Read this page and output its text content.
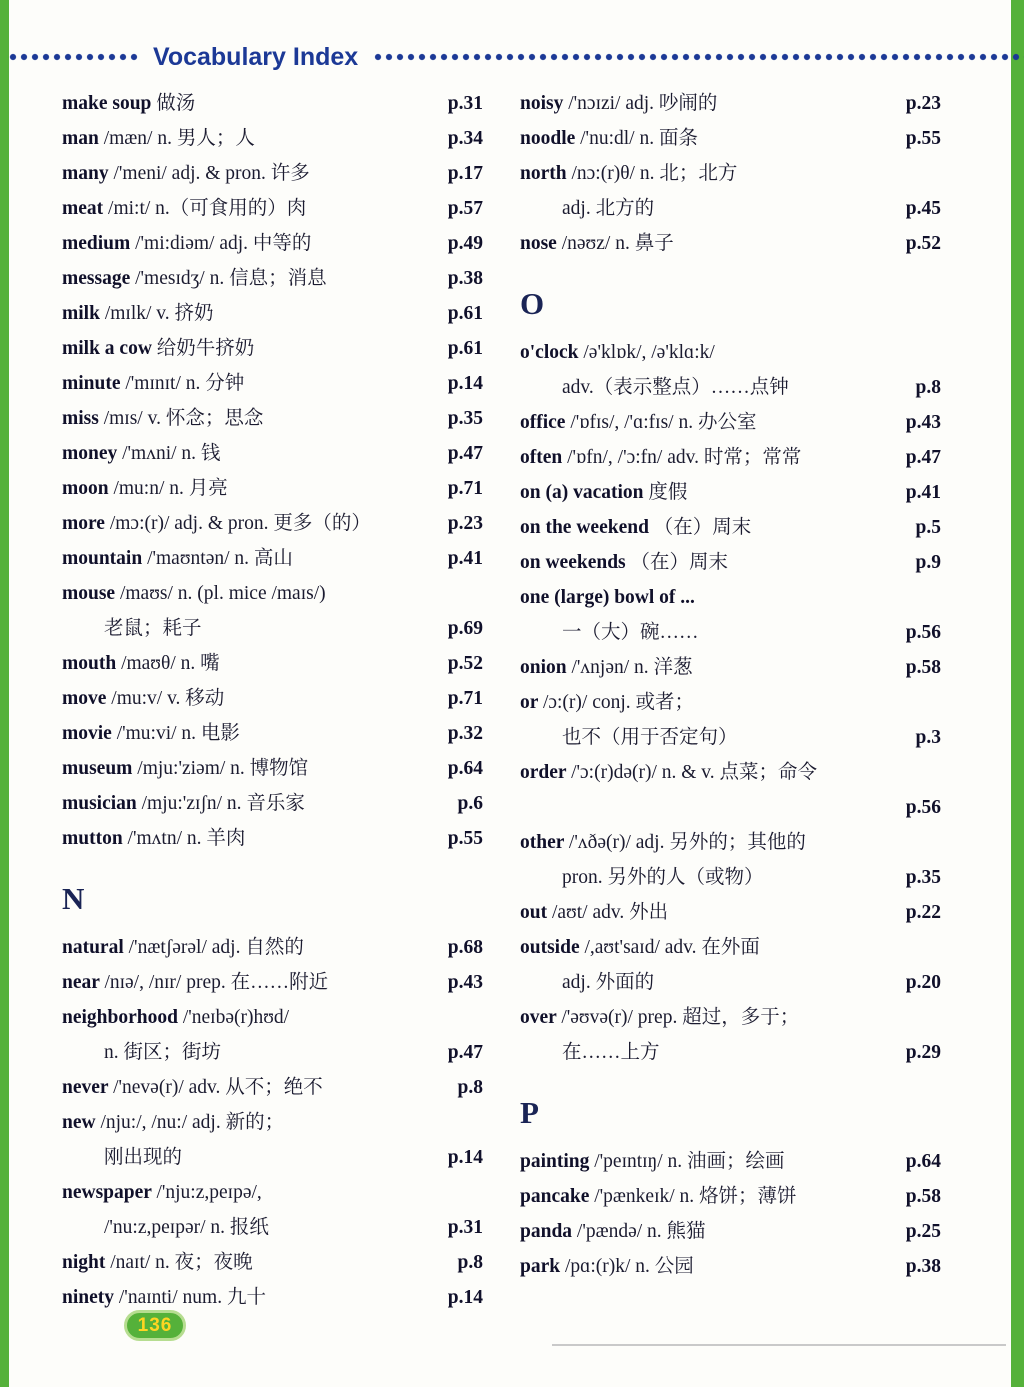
Vocabulary Index
make soup 做汤	p.31
man /mæn/ n. 男人；人	p.34
many /'meni/ adj. & pron. 许多	p.17
meat /mi:t/ n.（可食用的）肉	p.57
medium /'mi:diəm/ adj. 中等的	p.49
message /'mesɪdʒ/ n. 信息；消息	p.38
milk /mɪlk/ v. 挤奶	p.61
milk a cow 给奶牛挤奶	p.61
minute /'mɪnɪt/ n. 分钟	p.14
miss /mɪs/ v. 怀念；思念	p.35
money /'mʌni/ n. 钱	p.47
moon /mu:n/ n. 月亮	p.71
more /mɔ:(r)/ adj. & pron. 更多（的）	p.23
mountain /'maʊntən/ n. 高山	p.41
mouse /maʊs/ n. (pl. mice /maɪs/)
老鼠；耗子	p.69
mouth /maʊθ/ n. 嘴	p.52
move /mu:v/ v. 移动	p.71
movie /'mu:vi/ n. 电影	p.32
museum /mju:'ziəm/ n. 博物馆	p.64
musician /mju:'zɪʃn/ n. 音乐家	p.6
mutton /'mʌtn/ n. 羊肉	p.55
N
natural /'nætʃərəl/ adj. 自然的	p.68
near /nɪə/, /nɪr/ prep. 在……附近	p.43
neighborhood /'neɪbə(r)hʊd/
n. 街区；街坊	p.47
never /'nevə(r)/ adv. 从不；绝不	p.8
new /nju:/, /nu:/ adj. 新的；
刚出现的	p.14
newspaper /'nju:z,peɪpə/,
/'nu:z,peɪpər/ n. 报纸	p.31
night /naɪt/ n. 夜；夜晚	p.8
ninety /'naɪnti/ num. 九十	p.14
noisy /'nɔɪzi/ adj. 吵闹的	p.23
noodle /'nu:dl/ n. 面条	p.55
north /nɔ:(r)θ/ n. 北；北方
adj. 北方的	p.45
nose /nəʊz/ n. 鼻子	p.52
O
o'clock /ə'klɒk/, /ə'klɑ:k/
adv.（表示整点）……点钟	p.8
office /'ɒfɪs/, /'ɑ:fɪs/ n. 办公室	p.43
often /'ɒfn/, /'ɔ:fn/ adv. 时常；常常	p.47
on (a) vacation 度假	p.41
on the weekend （在）周末	p.5
on weekends （在）周末	p.9
one (large) bowl of ...
一（大）碗……	p.56
onion /'ʌnjən/ n. 洋葱	p.58
or /ɔ:(r)/ conj. 或者；
也不（用于否定句）	p.3
order /'ɔ:(r)də(r)/ n. & v. 点菜；命令
p.56
other /'ʌðə(r)/ adj. 另外的；其他的
pron. 另外的人（或物）	p.35
out /aʊt/ adv. 外出	p.22
outside /,aʊt'saɪd/ adv. 在外面
adj. 外面的	p.20
over /'əʊvə(r)/ prep. 超过，多于；
在……上方	p.29
P
painting /'peɪntɪŋ/ n. 油画；绘画	p.64
pancake /'pænkeɪk/ n. 烙饼；薄饼	p.58
panda /'pændə/ n. 熊猫	p.25
park /pɑ:(r)k/ n. 公园	p.38
136
